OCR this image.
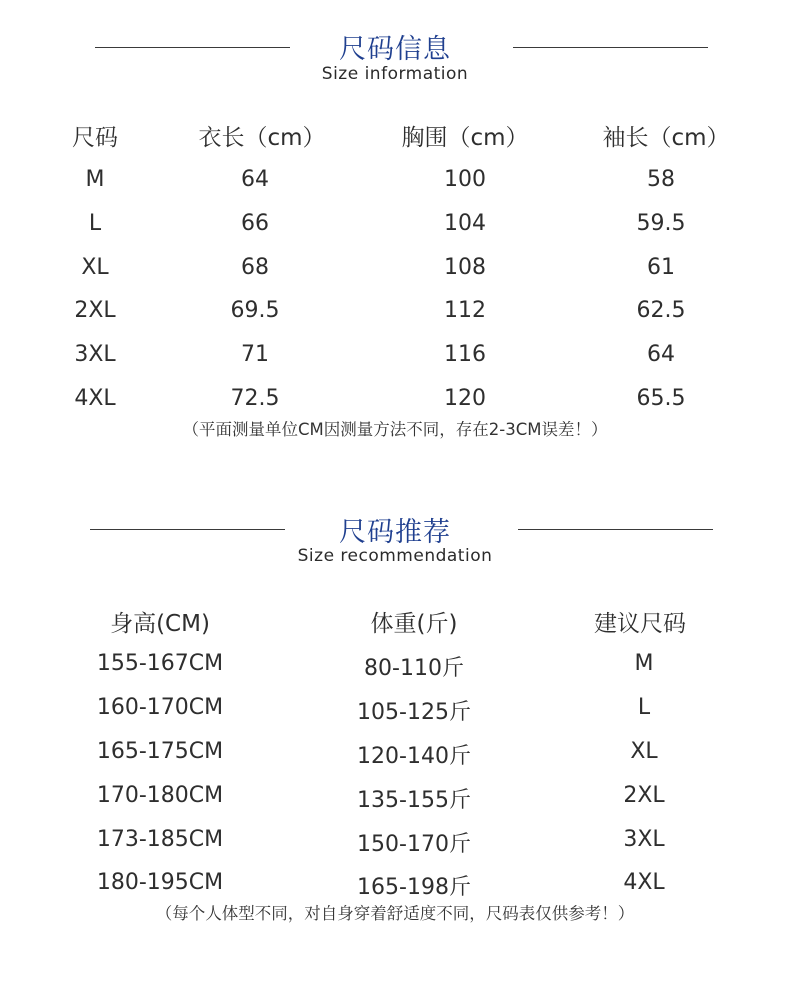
尺码信息
Size information
尺码	衣长（cm）	胸围（cm）	袖长（cm）
M	64	100	58
L	66	104	59.5
XL	68	108	61
2XL	69.5	112	62.5
3XL	71	116	64
4XL	72.5	120	65.5
（平面测量单位CM因测量方法不同，存在2-3CM误差！）
尺码推荐
Size recommendation
身高(CM)	体重(斤)	建议尺码
155-167CM	80-110斤	M
160-170CM	105-125斤	L
165-175CM	120-140斤	XL
170-180CM	135-155斤	2XL
173-185CM	150-170斤	3XL
180-195CM	165-198斤	4XL
（每个人体型不同，对自身穿着舒适度不同，尺码表仅供参考！）
